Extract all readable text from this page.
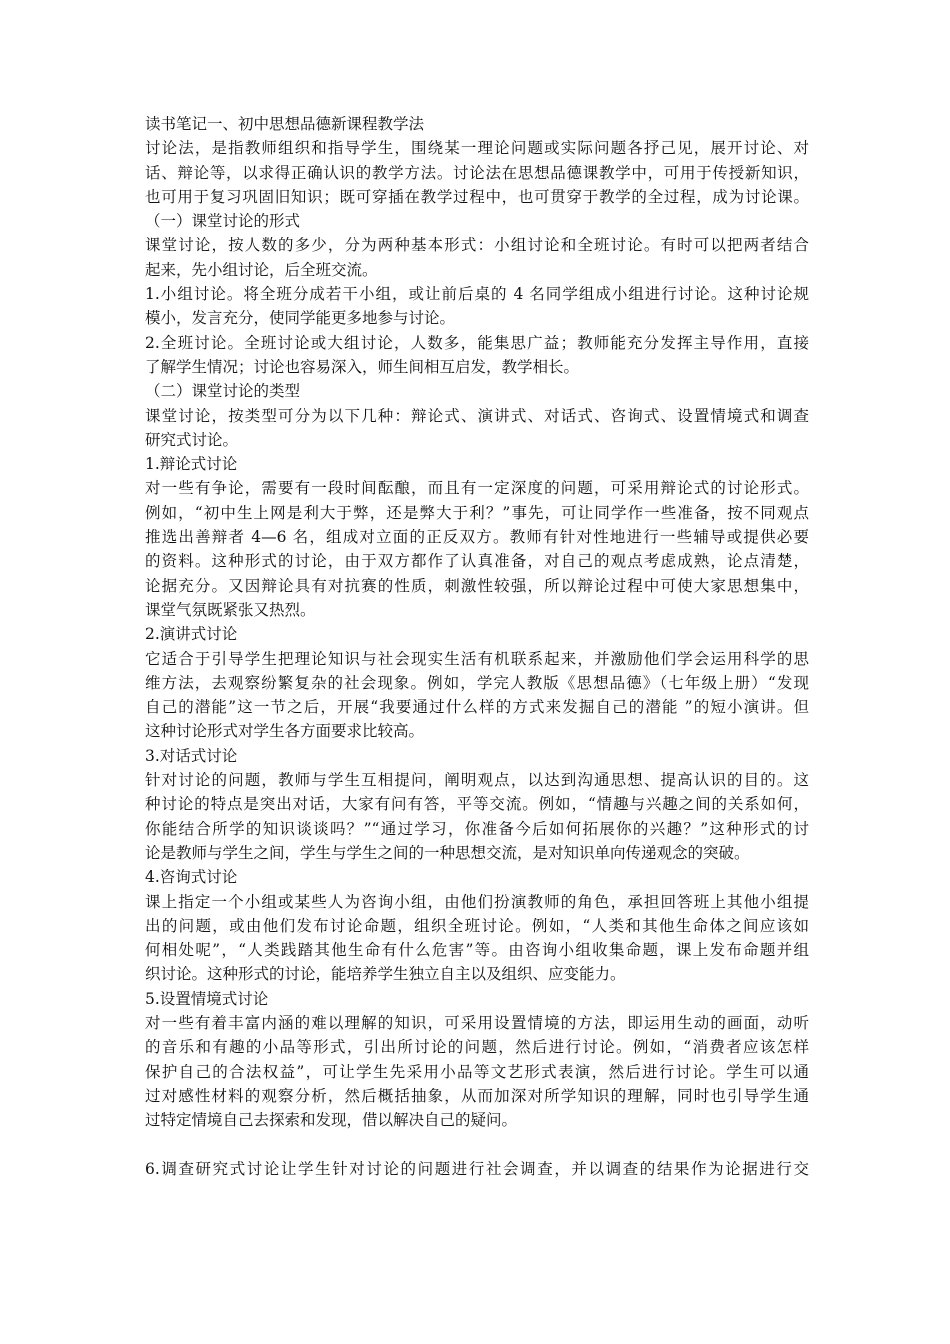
读书笔记一、初中思想品德新课程教学法
讨论法，是指教师组织和指导学生，围绕某一理论问题或实际问题各抒己见，展开讨论、对
话、辩论等，以求得正确认识的教学方法。讨论法在思想品德课教学中，可用于传授新知识，
也可用于复习巩固旧知识；既可穿插在教学过程中，也可贯穿于教学的全过程，成为讨论课。
（一）课堂讨论的形式
课堂讨论，按人数的多少，分为两种基本形式：小组讨论和全班讨论。有时可以把两者结合
起来，先小组讨论，后全班交流。
1.小组讨论。将全班分成若干小组，或让前后桌的 4 名同学组成小组进行讨论。这种讨论规
模小，发言充分，使同学能更多地参与讨论。
2.全班讨论。全班讨论或大组讨论，人数多，能集思广益；教师能充分发挥主导作用，直接
了解学生情况；讨论也容易深入，师生间相互启发，教学相长。
（二）课堂讨论的类型
课堂讨论，按类型可分为以下几种：辩论式、演讲式、对话式、咨询式、设置情境式和调查
研究式讨论。
1.辩论式讨论
对一些有争论，需要有一段时间酝酿，而且有一定深度的问题，可采用辩论式的讨论形式。
例如，“初中生上网是利大于弊，还是弊大于利？”事先，可让同学作一些准备，按不同观点
推选出善辩者 4—6 名，组成对立面的正反双方。教师有针对性地进行一些辅导或提供必要
的资料。这种形式的讨论，由于双方都作了认真准备，对自己的观点考虑成熟，论点清楚，
论据充分。又因辩论具有对抗赛的性质，刺激性较强，所以辩论过程中可使大家思想集中，
课堂气氛既紧张又热烈。
2.演讲式讨论
它适合于引导学生把理论知识与社会现实生活有机联系起来，并激励他们学会运用科学的思
维方法，去观察纷繁复杂的社会现象。例如，学完人教版《思想品德》（七年级上册）“发现
自己的潜能”这一节之后，开展“我要通过什么样的方式来发掘自己的潜能 ”的短小演讲。但
这种讨论形式对学生各方面要求比较高。
3.对话式讨论
针对讨论的问题，教师与学生互相提问，阐明观点，以达到沟通思想、提高认识的目的。这
种讨论的特点是突出对话，大家有问有答，平等交流。例如，“情趣与兴趣之间的关系如何，
你能结合所学的知识谈谈吗？”“通过学习，你准备今后如何拓展你的兴趣？”这种形式的讨
论是教师与学生之间，学生与学生之间的一种思想交流，是对知识单向传递观念的突破。
4.咨询式讨论
课上指定一个小组或某些人为咨询小组，由他们扮演教师的角色，承担回答班上其他小组提
出的问题，或由他们发布讨论命题，组织全班讨论。例如，“人类和其他生命体之间应该如
何相处呢”，“人类践踏其他生命有什么危害”等。由咨询小组收集命题，课上发布命题并组
织讨论。这种形式的讨论，能培养学生独立自主以及组织、应变能力。
5.设置情境式讨论
对一些有着丰富内涵的难以理解的知识，可采用设置情境的方法，即运用生动的画面，动听
的音乐和有趣的小品等形式，引出所讨论的问题，然后进行讨论。例如，“消费者应该怎样
保护自己的合法权益”，可让学生先采用小品等文艺形式表演，然后进行讨论。学生可以通
过对感性材料的观察分析，然后概括抽象，从而加深对所学知识的理解，同时也引导学生通
过特定情境自己去探索和发现，借以解决自己的疑问。
6.调查研究式讨论让学生针对讨论的问题进行社会调查，并以调查的结果作为论据进行交
